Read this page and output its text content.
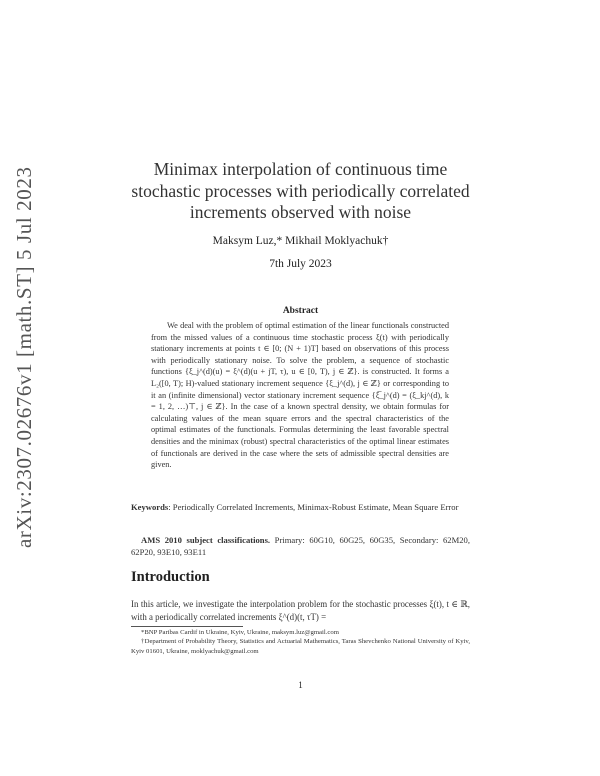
arXiv:2307.02676v1 [math.ST] 5 Jul 2023	Minimax interpolation of continuous time stochastic processes with periodically correlated increments observed with noise
Maksym Luz,* Mikhail Moklyachuk†
7th July 2023
Abstract

We deal with the problem of optimal estimation of the linear functionals constructed from the missed values of a continuous time stochastic process ξ(t) with periodically stationary increments at points t ∈ [0; (N + 1)T] based on observations of this process with periodically stationary noise. To solve the problem, a sequence of stochastic functions {ξ_j^(d)(u) = ξ^(d)(u + jT, τ), u ∈ [0, T), j ∈ ℤ}. is constructed. It forms a L₂([0, T); H)-valued stationary increment sequence {ξ_j^(d), j ∈ ℤ} or corresponding to it an (infinite dimensional) vector stationary increment sequence {ξ̅_j^(d) = (ξ_kj^(d), k = 1, 2, …)⊤, j ∈ ℤ}. In the case of a known spectral density, we obtain formulas for calculating values of the mean square errors and the spectral characteristics of the optimal estimates of the functionals. Formulas determining the least favorable spectral densities and the minimax (robust) spectral characteristics of the optimal linear estimates of functionals are derived in the case where the sets of admissible spectral densities are given.

Keywords: Periodically Correlated Increments, Minimax-Robust Estimate, Mean Square Error

AMS 2010 subject classifications. Primary: 60G10, 60G25, 60G35, Secondary: 62M20, 62P20, 93E10, 93E11

Introduction

In this article, we investigate the interpolation problem for the stochastic processes ξ(t), t ∈ ℝ, with a periodically correlated increments ξ^(d)(t, τT) =

*BNP Paribas Cardif in Ukraine, Kyiv, Ukraine, maksym.luz@gmail.com

†Department of Probability Theory, Statistics and Actuarial Mathematics, Taras Shevchenko National University of Kyiv, Kyiv 01601, Ukraine, moklyachuk@gmail.com

1
